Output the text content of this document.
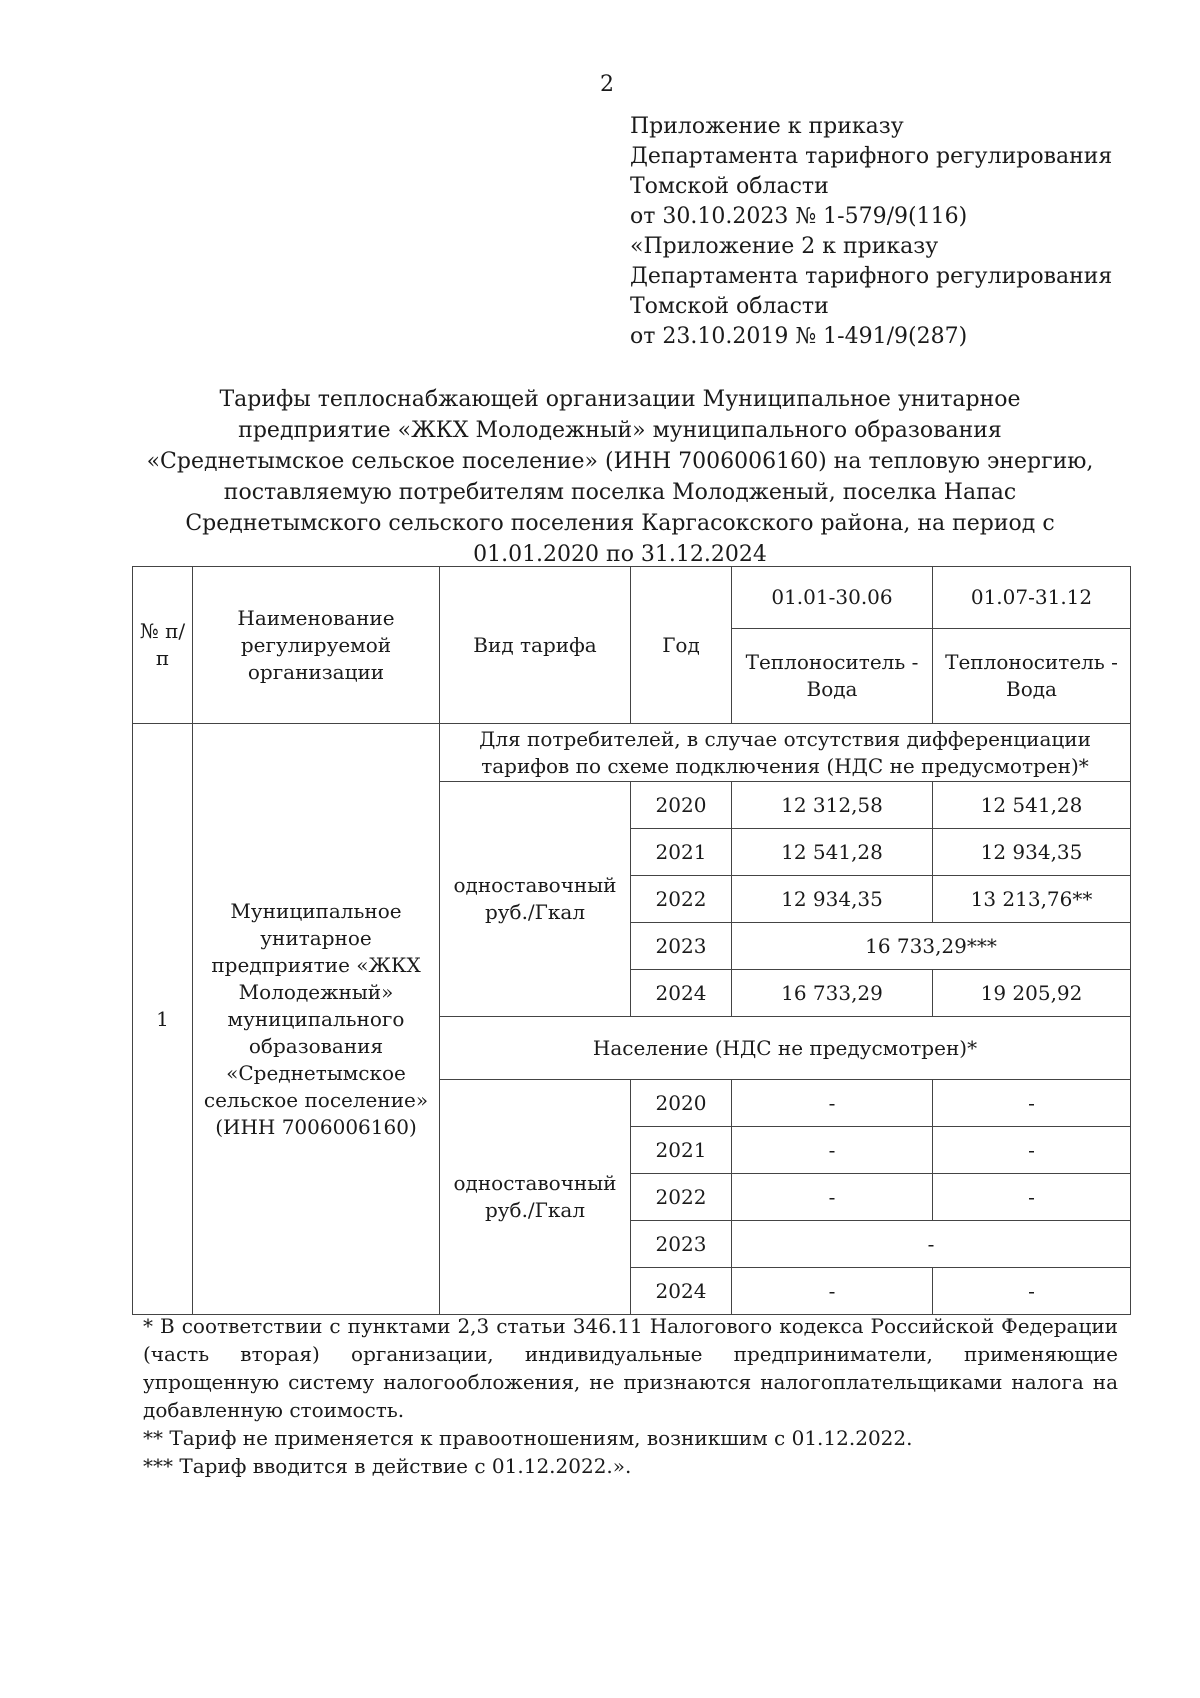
2
Приложение к приказу
Департамента тарифного регулирования
Томской области
от 30.10.2023 № 1-579/9(116)
«Приложение 2 к приказу
Департамента тарифного регулирования
Томской области
от 23.10.2019 № 1-491/9(287)
Тарифы теплоснабжающей организации Муниципальное унитарное предприятие «ЖКХ Молодежный» муниципального образования «Среднетымское сельское поселение» (ИНН 7006006160) на тепловую энергию, поставляемую потребителям поселка Молодженый, поселка Напас Среднетымского сельского поселения Каргасокского района, на период с 01.01.2020 по 31.12.2024
№ п/п	Наименование регулируемой организации	Вид тарифа	Год	01.01-30.06	01.07-31.12
				Теплоноситель - Вода	Теплоноситель - Вода
1	Муниципальное унитарное предприятие «ЖКХ Молодежный» муниципального образования «Среднетымское сельское поселение» (ИНН 7006006160)	Для потребителей, в случае отсутствия дифференциации тарифов по схеме подключения (НДС не предусмотрен)*			
		одноставочный руб./Гкал	2020	12 312,58	12 541,28
			2021	12 541,28	12 934,35
			2022	12 934,35	13 213,76**
			2023	16 733,29***	
			2024	16 733,29	19 205,92
		Население (НДС не предусмотрен)*			
		одноставочный руб./Гкал	2020	-	-
			2021	-	-
			2022	-	-
			2023	-	
			2024	-	-

* В соответствии с пунктами 2,3 статьи 346.11 Налогового кодекса Российской Федерации (часть вторая) организации, индивидуальные предприниматели, применяющие упрощенную систему налогообложения, не признаются налогоплательщиками налога на добавленную стоимость.

** Тариф не применяется к правоотношениям, возникшим с 01.12.2022.

*** Тариф вводится в действие с 01.12.2022.».
